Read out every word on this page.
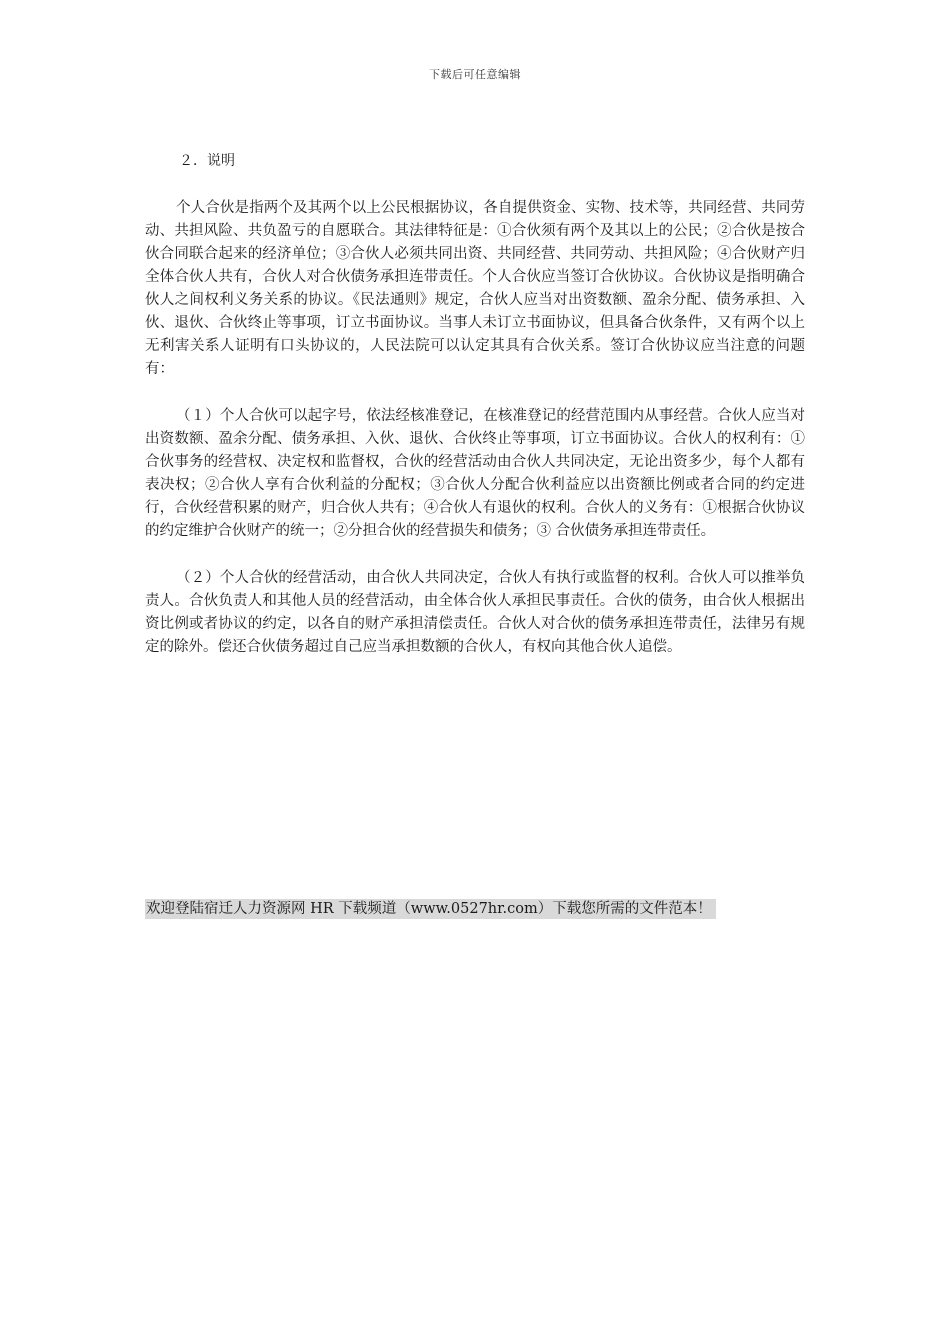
下载后可任意编辑

２．说明

个人合伙是指两个及其两个以上公民根据协议，各自提供资金、实物、技术等，共同经营、共同劳动、共担风险、共负盈亏的自愿联合。其法律特征是：①合伙须有两个及其以上的公民；②合伙是按合伙合同联合起来的经济单位；③合伙人必须共同出资、共同经营、共同劳动、共担风险；④合伙财产归全体合伙人共有，合伙人对合伙债务承担连带责任。个人合伙应当签订合伙协议。合伙协议是指明确合伙人之间权利义务关系的协议。《民法通则》规定，合伙人应当对出资数额、盈余分配、债务承担、入伙、退伙、合伙终止等事项，订立书面协议。当事人未订立书面协议，但具备合伙条件，又有两个以上无利害关系人证明有口头协议的，人民法院可以认定其具有合伙关系。签订合伙协议应当注意的问题有：

（１）个人合伙可以起字号，依法经核准登记，在核准登记的经营范围内从事经营。合伙人应当对出资数额、盈余分配、债务承担、入伙、退伙、合伙终止等事项，订立书面协议。合伙人的权利有：①合伙事务的经营权、决定权和监督权，合伙的经营活动由合伙人共同决定，无论出资多少，每个人都有表决权；②合伙人享有合伙利益的分配权；③合伙人分配合伙利益应以出资额比例或者合同的约定进行，合伙经营积累的财产，归合伙人共有；④合伙人有退伙的权利。合伙人的义务有：①根据合伙协议的约定维护合伙财产的统一；②分担合伙的经营损失和债务；③ 合伙债务承担连带责任。

（２）个人合伙的经营活动，由合伙人共同决定，合伙人有执行或监督的权利。合伙人可以推举负责人。合伙负责人和其他人员的经营活动，由全体合伙人承担民事责任。合伙的债务，由合伙人根据出资比例或者协议的约定，以各自的财产承担清偿责任。合伙人对合伙的债务承担连带责任，法律另有规定的除外。偿还合伙债务超过自己应当承担数额的合伙人，有权向其他合伙人追偿。

欢迎登陆宿迁人力资源网 HR 下载频道（www.0527hr.com）下载您所需的文件范本！
